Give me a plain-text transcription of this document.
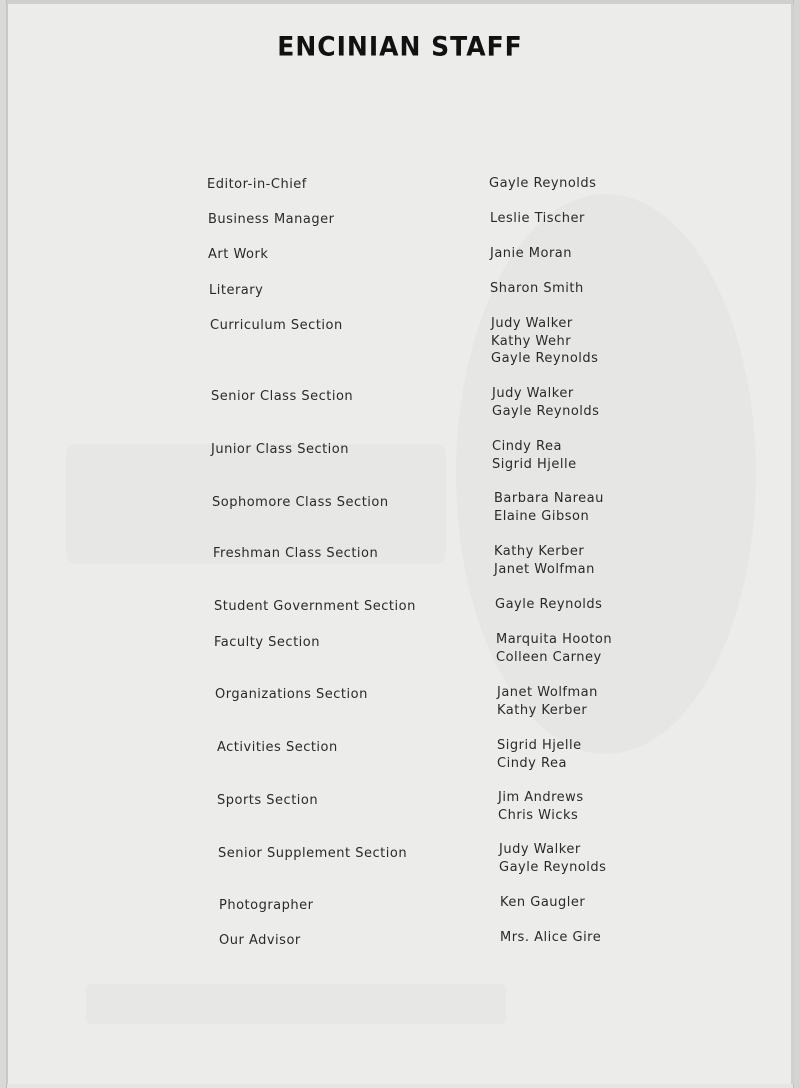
ENCINIAN STAFF
Editor-in-Chief	Gayle Reynolds
Business Manager	Leslie Tischer
Art Work	Janie Moran
Literary	Sharon Smith
Curriculum Section	Judy Walker
Kathy Wehr
Gayle Reynolds
Senior Class Section	Judy Walker
Gayle Reynolds
Junior Class Section	Cindy Rea
Sigrid Hjelle
Sophomore Class Section	Barbara Nareau
Elaine Gibson
Freshman Class Section	Kathy Kerber
Janet Wolfman
Student Government Section	Gayle Reynolds
Faculty Section	Marquita Hooton
Colleen Carney
Organizations Section	Janet Wolfman
Kathy Kerber
Activities Section	Sigrid Hjelle
Cindy Rea
Sports Section	Jim Andrews
Chris Wicks
Senior Supplement Section	Judy Walker
Gayle Reynolds
Photographer	Ken Gaugler
Our Advisor	Mrs. Alice Gire
